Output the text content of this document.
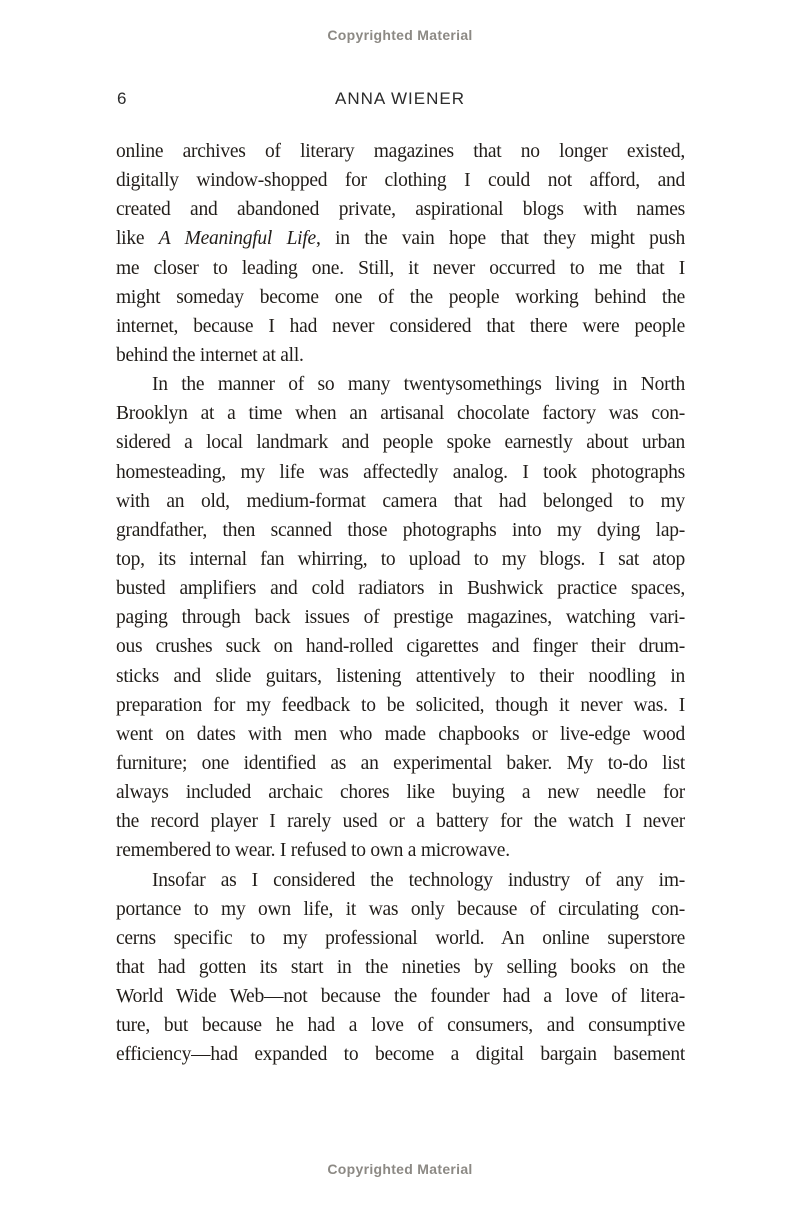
Copyrighted Material
6	ANNA WIENER
online archives of literary magazines that no longer existed,
digitally window-shopped for clothing I could not afford, and
created and abandoned private, aspirational blogs with names
like A Meaningful Life, in the vain hope that they might push
me closer to leading one. Still, it never occurred to me that I
might someday become one of the people working behind the
internet, because I had never considered that there were people
behind the internet at all.
In the manner of so many twentysomethings living in North
Brooklyn at a time when an artisanal chocolate factory was con-
sidered a local landmark and people spoke earnestly about urban
homesteading, my life was affectedly analog. I took photographs
with an old, medium-format camera that had belonged to my
grandfather, then scanned those photographs into my dying lap-
top, its internal fan whirring, to upload to my blogs. I sat atop
busted amplifiers and cold radiators in Bushwick practice spaces,
paging through back issues of prestige magazines, watching vari-
ous crushes suck on hand-rolled cigarettes and finger their drum-
sticks and slide guitars, listening attentively to their noodling in
preparation for my feedback to be solicited, though it never was. I
went on dates with men who made chapbooks or live-edge wood
furniture; one identified as an experimental baker. My to-do list
always included archaic chores like buying a new needle for
the record player I rarely used or a battery for the watch I never
remembered to wear. I refused to own a microwave.
Insofar as I considered the technology industry of any im-
portance to my own life, it was only because of circulating con-
cerns specific to my professional world. An online superstore
that had gotten its start in the nineties by selling books on the
World Wide Web—not because the founder had a love of litera-
ture, but because he had a love of consumers, and consumptive
efficiency—had expanded to become a digital bargain basement
Copyrighted Material
